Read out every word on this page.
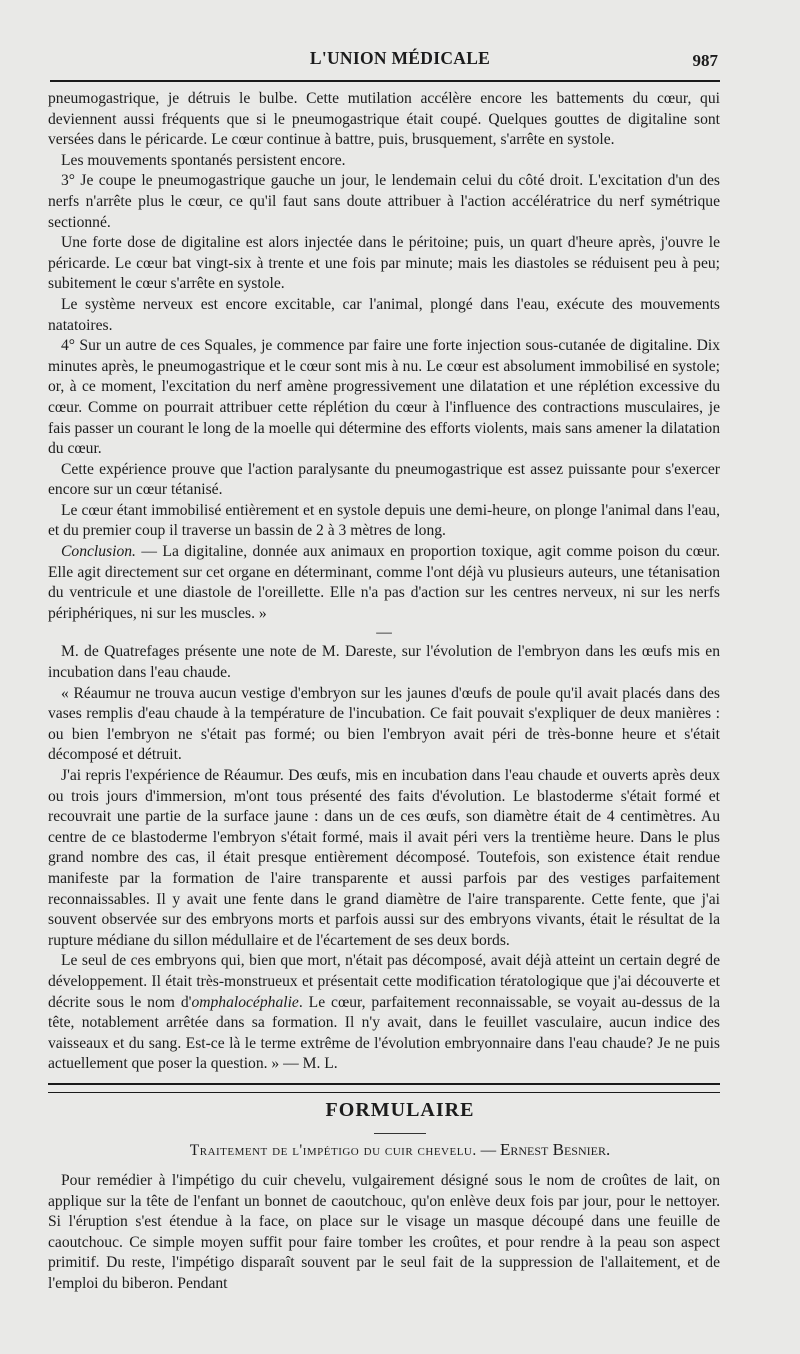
L'UNION MÉDICALE	987

pneumogastrique, je détruis le bulbe. Cette mutilation accélère encore les battements du cœur, qui deviennent aussi fréquents que si le pneumogastrique était coupé. Quelques gouttes de digitaline sont versées dans le péricarde. Le cœur continue à battre, puis, brusquement, s'arrête en systole.

Les mouvements spontanés persistent encore.

3° Je coupe le pneumogastrique gauche un jour, le lendemain celui du côté droit. L'excitation d'un des nerfs n'arrête plus le cœur, ce qu'il faut sans doute attribuer à l'action accélératrice du nerf symétrique sectionné.

Une forte dose de digitaline est alors injectée dans le péritoine; puis, un quart d'heure après, j'ouvre le péricarde. Le cœur bat vingt-six à trente et une fois par minute; mais les diastoles se réduisent peu à peu; subitement le cœur s'arrête en systole.

Le système nerveux est encore excitable, car l'animal, plongé dans l'eau, exécute des mouvements natatoires.

4° Sur un autre de ces Squales, je commence par faire une forte injection sous-cutanée de digitaline. Dix minutes après, le pneumogastrique et le cœur sont mis à nu. Le cœur est absolument immobilisé en systole; or, à ce moment, l'excitation du nerf amène progressivement une dilatation et une réplétion excessive du cœur. Comme on pourrait attribuer cette réplétion du cœur à l'influence des contractions musculaires, je fais passer un courant le long de la moelle qui détermine des efforts violents, mais sans amener la dilatation du cœur.

Cette expérience prouve que l'action paralysante du pneumogastrique est assez puissante pour s'exercer encore sur un cœur tétanisé.

Le cœur étant immobilisé entièrement et en systole depuis une demi-heure, on plonge l'animal dans l'eau, et du premier coup il traverse un bassin de 2 à 3 mètres de long.

Conclusion. — La digitaline, donnée aux animaux en proportion toxique, agit comme poison du cœur. Elle agit directement sur cet organe en déterminant, comme l'ont déjà vu plusieurs auteurs, une tétanisation du ventricule et une diastole de l'oreillette. Elle n'a pas d'action sur les centres nerveux, ni sur les nerfs périphériques, ni sur les muscles. »

—

M. de Quatrefages présente une note de M. Dareste, sur l'évolution de l'embryon dans les œufs mis en incubation dans l'eau chaude.

« Réaumur ne trouva aucun vestige d'embryon sur les jaunes d'œufs de poule qu'il avait placés dans des vases remplis d'eau chaude à la température de l'incubation. Ce fait pouvait s'expliquer de deux manières : ou bien l'embryon ne s'était pas formé; ou bien l'embryon avait péri de très-bonne heure et s'était décomposé et détruit.

J'ai repris l'expérience de Réaumur. Des œufs, mis en incubation dans l'eau chaude et ouverts après deux ou trois jours d'immersion, m'ont tous présenté des faits d'évolution. Le blastoderme s'était formé et recouvrait une partie de la surface jaune : dans un de ces œufs, son diamètre était de 4 centimètres. Au centre de ce blastoderme l'embryon s'était formé, mais il avait péri vers la trentième heure. Dans le plus grand nombre des cas, il était presque entièrement décomposé. Toutefois, son existence était rendue manifeste par la formation de l'aire transparente et aussi parfois par des vestiges parfaitement reconnaissables. Il y avait une fente dans le grand diamètre de l'aire transparente. Cette fente, que j'ai souvent observée sur des embryons morts et parfois aussi sur des embryons vivants, était le résultat de la rupture médiane du sillon médullaire et de l'écartement de ses deux bords.

Le seul de ces embryons qui, bien que mort, n'était pas décomposé, avait déjà atteint un certain degré de développement. Il était très-monstrueux et présentait cette modification tératologique que j'ai découverte et décrite sous le nom d'omphalocéphalie. Le cœur, parfaitement reconnaissable, se voyait au-dessus de la tête, notablement arrêtée dans sa formation. Il n'y avait, dans le feuillet vasculaire, aucun indice des vaisseaux et du sang. Est-ce là le terme extrême de l'évolution embryonnaire dans l'eau chaude? Je ne puis actuellement que poser la question. » — M. L.

FORMULAIRE
Traitement de l'impétigo du cuir chevelu. — Ernest Besnier.

Pour remédier à l'impétigo du cuir chevelu, vulgairement désigné sous le nom de croûtes de lait, on applique sur la tête de l'enfant un bonnet de caoutchouc, qu'on enlève deux fois par jour, pour le nettoyer. Si l'éruption s'est étendue à la face, on place sur le visage un masque découpé dans une feuille de caoutchouc. Ce simple moyen suffit pour faire tomber les croûtes, et pour rendre à la peau son aspect primitif. Du reste, l'impétigo disparaît souvent par le seul fait de la suppression de l'allaitement, et de l'emploi du biberon. Pendant
